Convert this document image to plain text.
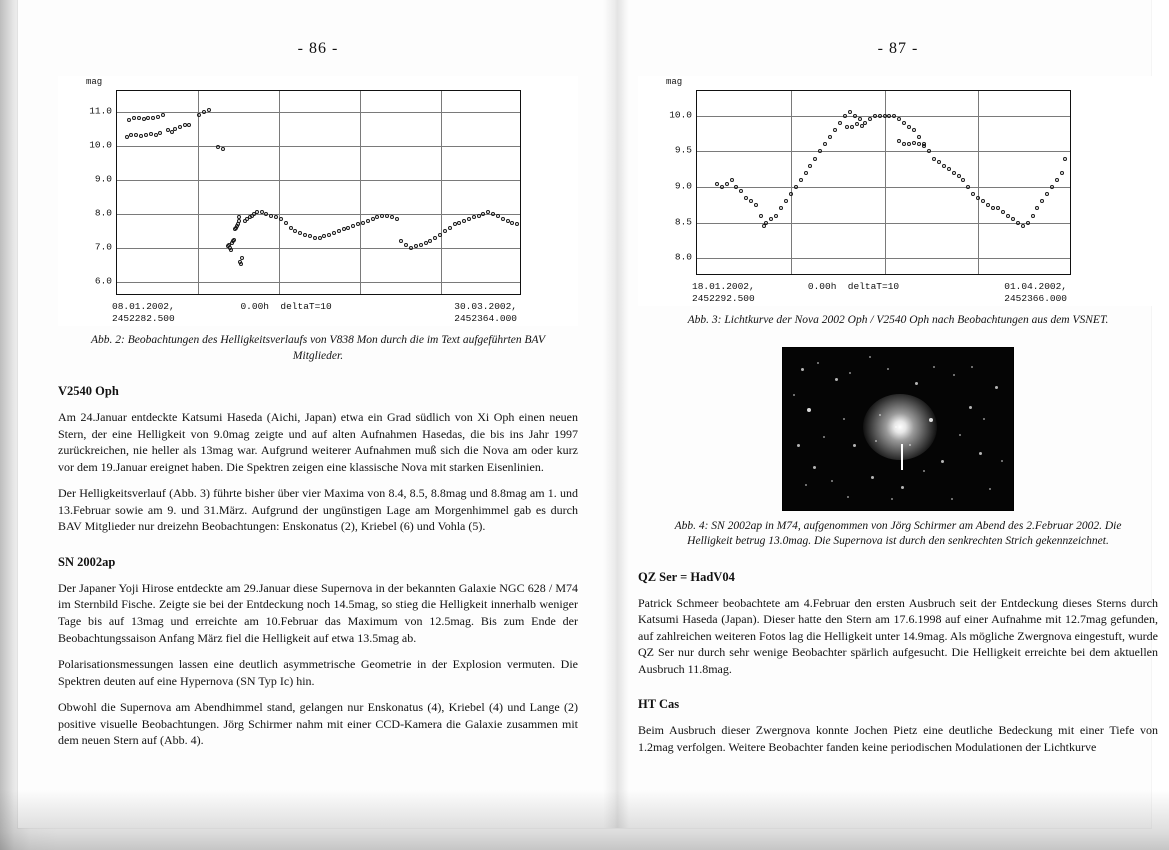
- 86 -
6.0
7.0
8.0
9.0
10.0
11.0
mag
08.01.2002,
2452282.500
0.00h  deltaT=10	30.03.2002,
2452364.000
Abb. 2: Beobachtungen des Helligkeitsverlaufs von V838 Mon durch die im Text aufgeführten BAV Mitglieder.
V2540 Oph

Am 24.Januar entdeckte Katsumi Haseda (Aichi, Japan) etwa ein Grad südlich von Xi Oph einen neuen Stern, der eine Helligkeit von 9.0mag zeigte und auf alten Aufnahmen Hasedas, die bis ins Jahr 1997 zurückreichen, nie heller als 13mag war. Aufgrund weiterer Aufnahmen muß sich die Nova am oder kurz vor dem 19.Januar ereignet haben. Die Spektren zeigen eine klassische Nova mit starken Eisenlinien.

Der Helligkeitsverlauf (Abb. 3) führte bisher über vier Maxima von 8.4, 8.5, 8.8mag und 8.8mag am 1. und 13.Februar sowie am 9. und 31.März. Aufgrund der ungünstigen Lage am Morgenhimmel gab es durch BAV Mitglieder nur dreizehn Beobachtungen: Enskonatus (2), Kriebel (6) und Vohla (5).

SN 2002ap

Der Japaner Yoji Hirose entdeckte am 29.Januar diese Supernova in der bekannten Galaxie NGC 628 / M74 im Sternbild Fische. Zeigte sie bei der Entdeckung noch 14.5mag, so stieg die Helligkeit innerhalb weniger Tage bis auf 13mag und erreichte am 10.Februar das Maximum von 12.5mag. Bis zum Ende der Beobachtungssaison Anfang März fiel die Helligkeit auf etwa 13.5mag ab.

Polarisationsmessungen lassen eine deutlich asymmetrische Geometrie in der Explosion vermuten. Die Spektren deuten auf eine Hypernova (SN Typ Ic) hin.

Obwohl die Supernova am Abendhimmel stand, gelangen nur Enskonatus (4), Kriebel (4) und Lange (2) positive visuelle Beobachtungen. Jörg Schirmer nahm mit einer CCD-Kamera die Galaxie zusammen mit dem neuen Stern auf (Abb. 4).

- 87 -
8.0
8.5
9.0
9.5
10.0
mag
18.01.2002,
2452292.500
0.00h  deltaT=10	01.04.2002,
2452366.000
Abb. 3: Lichtkurve der Nova 2002 Oph / V2540 Oph nach Beobachtungen aus dem VSNET.
Abb. 4: SN 2002ap in M74, aufgenommen von Jörg Schirmer am Abend des 2.Februar 2002. Die Helligkeit betrug 13.0mag. Die Supernova ist durch den senkrechten Strich gekennzeichnet.
QZ Ser = HadV04

Patrick Schmeer beobachtete am 4.Februar den ersten Ausbruch seit der Entdeckung dieses Sterns durch Katsumi Haseda (Japan). Dieser hatte den Stern am 17.6.1998 auf einer Aufnahme mit 12.7mag gefunden, auf zahlreichen weiteren Fotos lag die Helligkeit unter 14.9mag. Als mögliche Zwergnova eingestuft, wurde QZ Ser nur durch sehr wenige Beobachter spärlich aufgesucht. Die Helligkeit erreichte bei dem aktuellen Ausbruch 11.8mag.

HT Cas

Beim Ausbruch dieser Zwergnova konnte Jochen Pietz eine deutliche Bedeckung mit einer Tiefe von 1.2mag verfolgen. Weitere Beobachter fanden keine periodischen Modulationen der Lichtkurve
